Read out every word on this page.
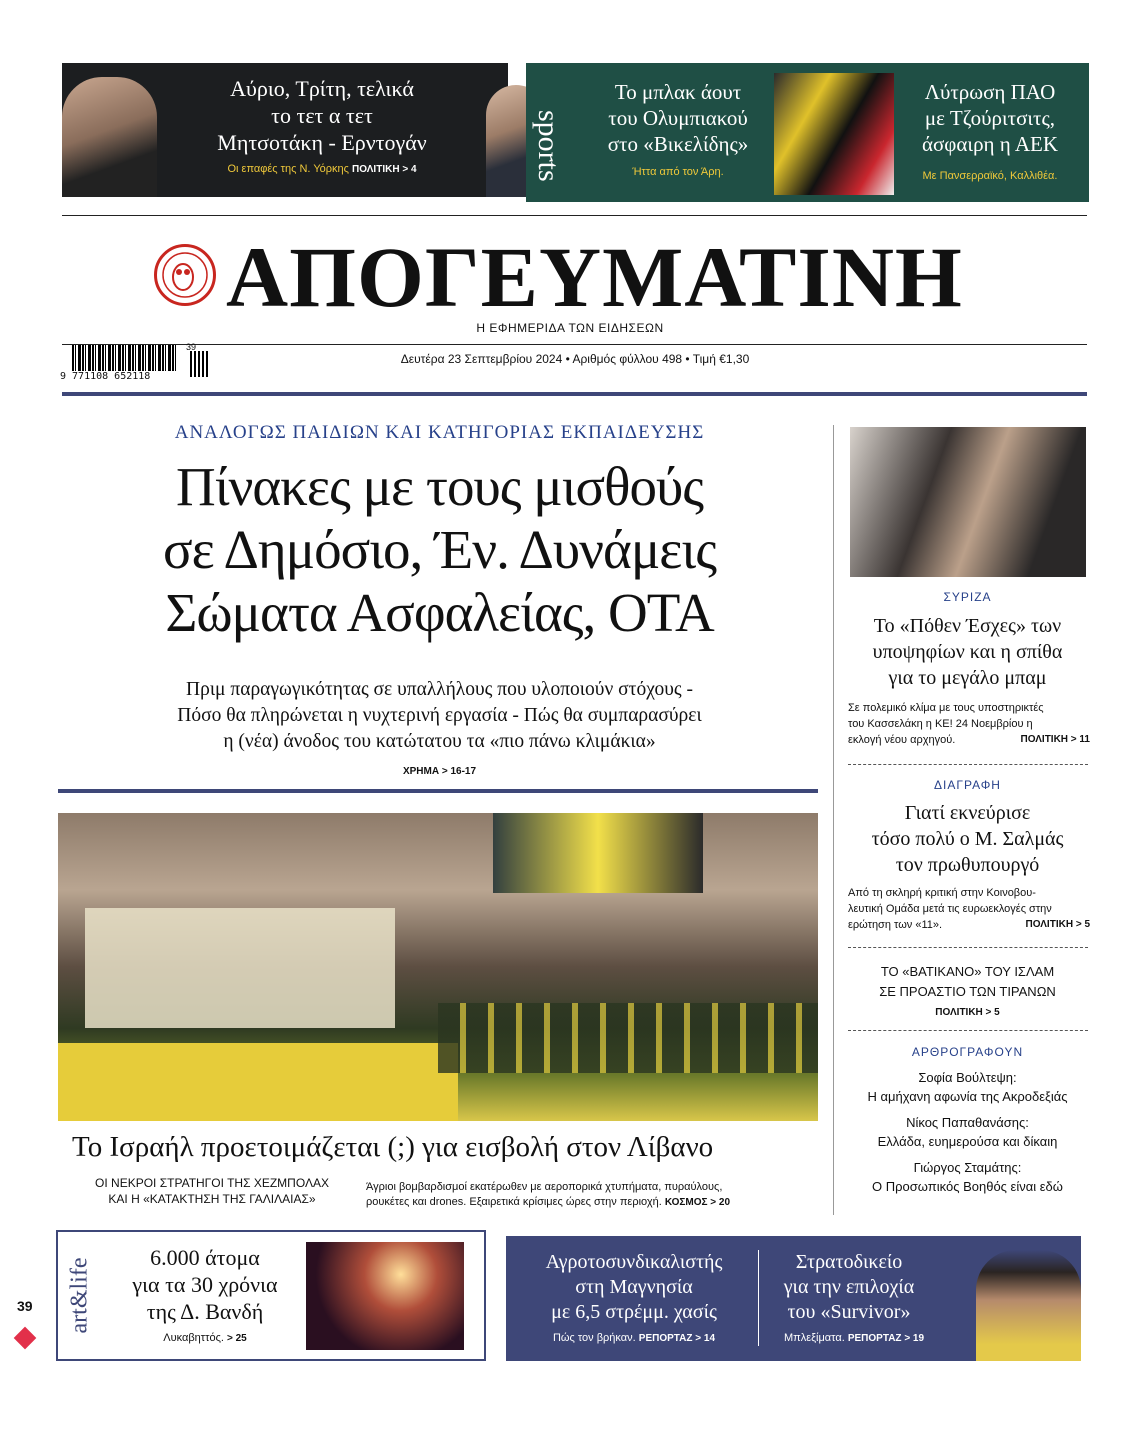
Αύριο, Τρίτη, τελικά
το τετ α τετ
Μητσοτάκη - Ερντογάν
Οι επαφές της Ν. Υόρκης ΠΟΛΙΤΙΚΗ > 4	sports
Το μπλακ άουτ
του Ολυμπιακού
στο «Βικελίδης»
Ήττα από τον Άρη.
Λύτρωση ΠΑΟ
με Τζούριτσιτς,
άσφαιρη η ΑΕΚ
Με Πανσερραϊκό, Καλλιθέα.
ΑΠΟΓΕΥΜΑΤΙΝΗ
Η ΕΦΗΜΕΡΙΔΑ ΤΩΝ ΕΙΔΗΣΕΩΝ
9 771108 652118
39
Δευτέρα 23 Σεπτεμβρίου 2024 • Αριθμός φύλλου 498 • Τιμή €1,30
ΑΝΑΛΟΓΩΣ ΠΑΙΔΙΩΝ ΚΑΙ ΚΑΤΗΓΟΡΙΑΣ ΕΚΠΑΙΔΕΥΣΗΣ
Πίνακες με τους μισθούς
σε Δημόσιο, Έν. Δυνάμεις
Σώματα Ασφαλείας, ΟΤΑ
Πριμ παραγωγικότητας σε υπαλλήλους που υλοποιούν στόχους -
Πόσο θα πληρώνεται η νυχτερινή εργασία - Πώς θα συμπαρασύρει
η (νέα) άνοδος του κατώτατου τα «πιο πάνω κλιμάκια»
ΧΡΗΜΑ > 16-17
Το Ισραήλ προετοιμάζεται (;) για εισβολή στον Λίβανο
ΟΙ ΝΕΚΡΟΙ ΣΤΡΑΤΗΓΟΙ ΤΗΣ ΧΕΖΜΠΟΛΑΧ
ΚΑΙ Η «ΚΑΤΑΚΤΗΣΗ ΤΗΣ ΓΑΛΙΛΑΙΑΣ»
Άγριοι βομβαρδισμοί εκατέρωθεν με αεροπορικά χτυπήματα, πυραύλους,
ρουκέτες και drones. Εξαιρετικά κρίσιμες ώρες στην περιοχή. ΚΟΣΜΟΣ > 20
ΣΥΡΙΖΑ
Το «Πόθεν Έσχες» των
υποψηφίων και η σπίθα
για το μεγάλο μπαμ
Σε πολεμικό κλίμα με τους υποστηρικτές
του Κασσελάκη η ΚΕ! 24 Νοεμβρίου η
εκλογή νέου αρχηγού.	ΠΟΛΙΤΙΚΗ > 11
ΔΙΑΓΡΑΦΗ
Γιατί εκνεύρισε
τόσο πολύ ο Μ. Σαλμάς
τον πρωθυπουργό
Από τη σκληρή κριτική στην Κοινοβου-
λευτική Ομάδα μετά τις ευρωεκλογές στην
ερώτηση των «11».	ΠΟΛΙΤΙΚΗ > 5
ΤΟ «ΒΑΤΙΚΑΝΟ» ΤΟΥ ΙΣΛΑΜ
ΣΕ ΠΡΟΑΣΤΙΟ ΤΩΝ ΤΙΡΑΝΩΝ
ΠΟΛΙΤΙΚΗ > 5
ΑΡΘΡΟΓΡΑΦΟΥΝ
Σοφία Βούλτεψη:
Η αμήχανη αφωνία της Ακροδεξιάς
Νίκος Παπαθανάσης:
Ελλάδα, ευημερούσα και δίκαιη
Γιώργος Σταμάτης:
Ο Προσωπικός Βοηθός είναι εδώ
39 art&life
6.000 άτομα
για τα 30 χρόνια
της Δ. Βανδή
Λυκαβηττός. > 25
Αγροτοσυνδικαλιστής
στη Μαγνησία
με 6,5 στρέμμ. χασίς
Πώς τον βρήκαν. ΡΕΠΟΡΤΑΖ > 14
Στρατοδικείο
για την επιλοχία
του «Survivor»
Μπλεξίματα. ΡΕΠΟΡΤΑΖ > 19
